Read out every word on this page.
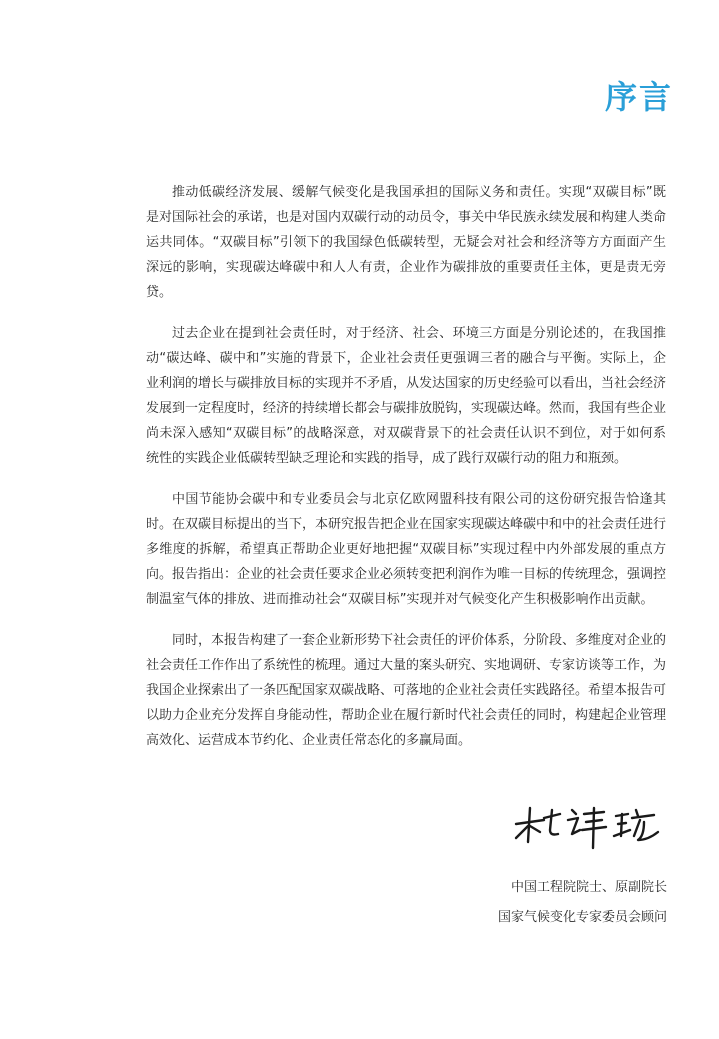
序言

推动低碳经济发展、缓解气候变化是我国承担的国际义务和责任。实现“双碳目标”既是对国际社会的承诺，也是对国内双碳行动的动员令，事关中华民族永续发展和构建人类命运共同体。“双碳目标”引领下的我国绿色低碳转型，无疑会对社会和经济等方方面面产生深远的影响，实现碳达峰碳中和人人有责，企业作为碳排放的重要责任主体，更是责无旁贷。

过去企业在提到社会责任时，对于经济、社会、环境三方面是分别论述的，在我国推动“碳达峰、碳中和”实施的背景下，企业社会责任更强调三者的融合与平衡。实际上，企业利润的增长与碳排放目标的实现并不矛盾，从发达国家的历史经验可以看出，当社会经济发展到一定程度时，经济的持续增长都会与碳排放脱钩，实现碳达峰。然而，我国有些企业尚未深入感知“双碳目标”的战略深意，对双碳背景下的社会责任认识不到位，对于如何系统性的实践企业低碳转型缺乏理论和实践的指导，成了践行双碳行动的阻力和瓶颈。

中国节能协会碳中和专业委员会与北京亿欧网盟科技有限公司的这份研究报告恰逢其时。在双碳目标提出的当下，本研究报告把企业在国家实现碳达峰碳中和中的社会责任进行多维度的拆解，希望真正帮助企业更好地把握“双碳目标”实现过程中内外部发展的重点方向。报告指出：企业的社会责任要求企业必须转变把利润作为唯一目标的传统理念，强调控制温室气体的排放、进而推动社会“双碳目标”实现并对气候变化产生积极影响作出贡献。

同时，本报告构建了一套企业新形势下社会责任的评价体系，分阶段、多维度对企业的社会责任工作作出了系统性的梳理。通过大量的案头研究、实地调研、专家访谈等工作，为我国企业探索出了一条匹配国家双碳战略、可落地的企业社会责任实践路径。希望本报告可以助力企业充分发挥自身能动性，帮助企业在履行新时代社会责任的同时，构建起企业管理高效化、运营成本节约化、企业责任常态化的多赢局面。

中国工程院院士、原副院长
国家气候变化专家委员会顾问
